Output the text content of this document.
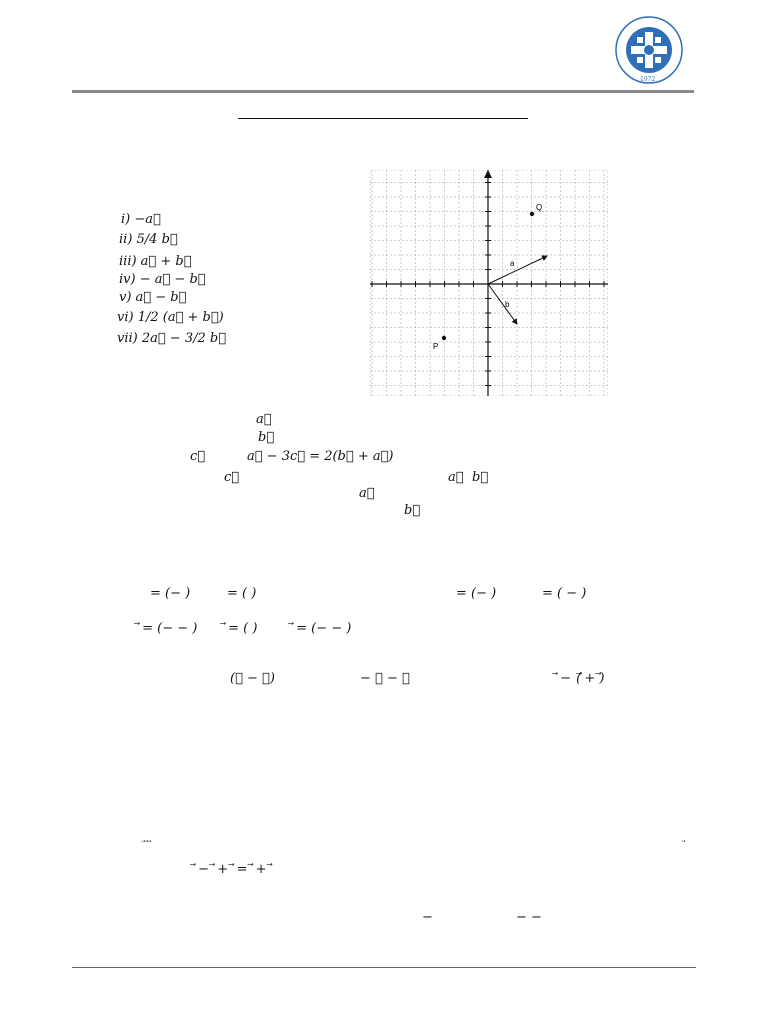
1972
i) −a⃗
ii) 5/4 b⃗
iii) a⃗ + b⃗
iv) − a⃗ − b⃗
v) a⃗ − b⃗
vi) 1/2 (a⃗ + b⃗)
vii) 2a⃗ − 3/2 b⃗
Q
P
a
b
a⃗
b⃗
c⃗	a⃗ − 3c⃗ = 2(b⃗ + a⃗)
c⃗	a⃗ b⃗
a⃗
b⃗
= (− )	= ( )	= (− )	= ( − )
⃗ = (− − ) ⃗ = ( )	⃗ = (− − )
(⃗ − ⃗)	− ⃗ − ⃗	⃗ − (⃗ + ⃗)
⃗ ⃗ ⃗
⃗ − ⃗ + ⃗ = ⃗ + ⃗
−	− −
